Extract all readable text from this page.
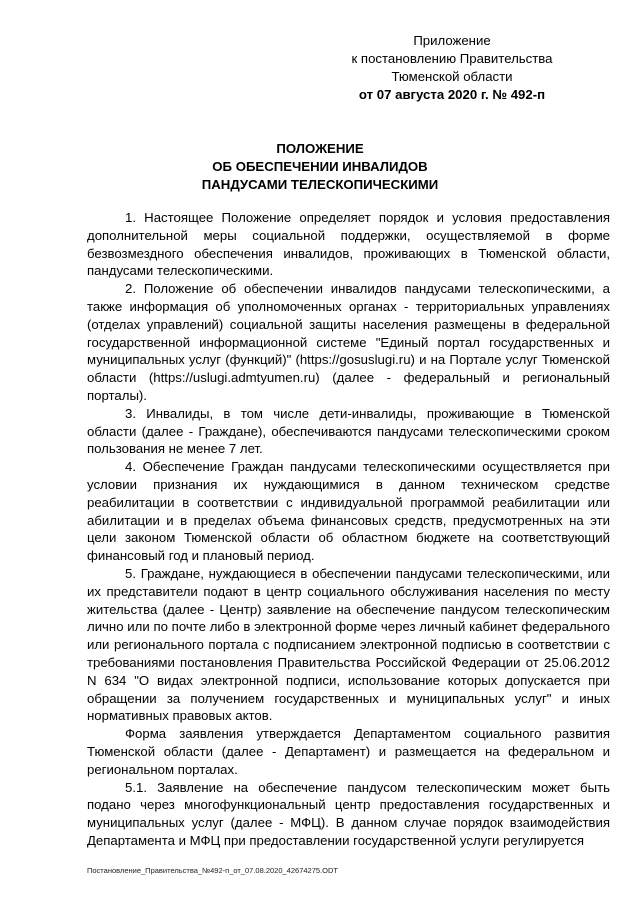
Приложение
к постановлению Правительства
Тюменской области
от 07 августа 2020 г. № 492-п
ПОЛОЖЕНИЕ
ОБ ОБЕСПЕЧЕНИИ ИНВАЛИДОВ
ПАНДУСАМИ ТЕЛЕСКОПИЧЕСКИМИ

1. Настоящее Положение определяет порядок и условия предоставления дополнительной меры социальной поддержки, осуществляемой в форме безвозмездного обеспечения инвалидов, проживающих в Тюменской области, пандусами телескопическими.

2. Положение об обеспечении инвалидов пандусами телескопическими, а также информация об уполномоченных органах - территориальных управлениях (отделах управлений) социальной защиты населения размещены в федеральной государственной информационной системе "Единый портал государственных и муниципальных услуг (функций)" (https://gosuslugi.ru) и на Портале услуг Тюменской области (https://uslugi.admtyumen.ru) (далее - федеральный и региональный порталы).

3. Инвалиды, в том числе дети-инвалиды, проживающие в Тюменской области (далее - Граждане), обеспечиваются пандусами телескопическими сроком пользования не менее 7 лет.

4. Обеспечение Граждан пандусами телескопическими осуществляется при условии признания их нуждающимися в данном техническом средстве реабилитации в соответствии с индивидуальной программой реабилитации или абилитации и в пределах объема финансовых средств, предусмотренных на эти цели законом Тюменской области об областном бюджете на соответствующий финансовый год и плановый период.

5. Граждане, нуждающиеся в обеспечении пандусами телескопическими, или их представители подают в центр социального обслуживания населения по месту жительства (далее - Центр) заявление на обеспечение пандусом телескопическим лично или по почте либо в электронной форме через личный кабинет федерального или регионального портала с подписанием электронной подписью в соответствии с требованиями постановления Правительства Российской Федерации от 25.06.2012 N 634 "О видах электронной подписи, использование которых допускается при обращении за получением государственных и муниципальных услуг" и иных нормативных правовых актов.

Форма заявления утверждается Департаментом социального развития Тюменской области (далее - Департамент) и размещается на федеральном и региональном порталах.

5.1. Заявление на обеспечение пандусом телескопическим может быть подано через многофункциональный центр предоставления государственных и муниципальных услуг (далее - МФЦ). В данном случае порядок взаимодействия Департамента и МФЦ при предоставлении государственной услуги регулируется

Постановление_Правительства_№492-п_от_07.08.2020_42674275.ODT
